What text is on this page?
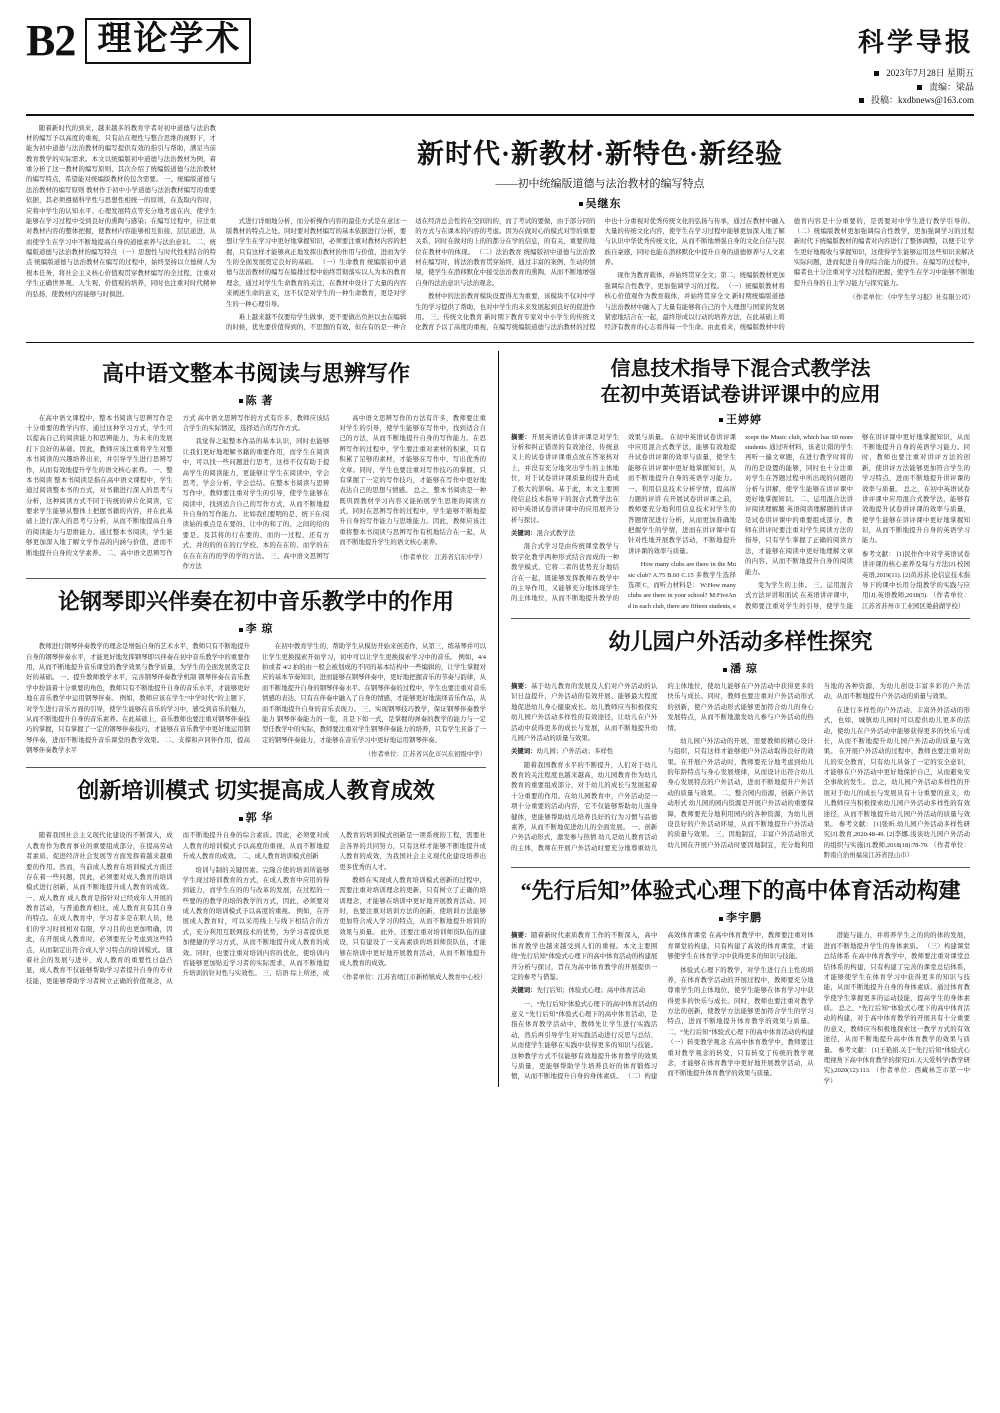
B2 理 论 学 术	科学导报
2023年7月28日 星期五
责编：梁晶
投稿：kxdbnews@163.com

随着新时代的到来，越来越多的教育学者对初中道德与法治教材的编写予以高度的重视，只有站在理性与整合思维的视野下，才能为初中道德与法治教材的编写提供有效的指引与帮助，满足当前教育教学的实际需求。本文以统编版初中道德与法治教材为例，着重分析了这一教材的编写原则、其次介绍了统编版道德与法治教材的编写特点，希望能对统编版教材的包含需要。 一、统编版道德与法治教材的编写原则 教材作于初中小学道德与法治教材编写的重要依据，其必须遵循科学性与思想性相统一的原则，在选取内容时，应将中学生的认知水平、心理发展特点等充分地考虑在内，使学生能够在学习过程中受到良好的熏陶与感染；在编写过程中，应注重对教材内容的整体把握，使教材内容能够相互衔接、层层递进，从而使学生在学习中不断地提高自身的道德素养与法治意识。 二、统编版道德与法治教材的编写特点 （一）思想性与时代性相结合的特点 统编版道德与法治教材在编写的过程中，始终坚持以立德树人为根本任务，将社会主义核心价值观贯穿教材编写的全过程，注重对学生正确世界观、人生观、价值观的培养，同时也注重对时代精神的弘扬，使教材内容能够与时俱进。

新时代·新教材·新特色·新经验
——初中统编版道德与法治教材的编写特点
吴继东

式进行详细地分析，而分析操作内容的最佳方式是在意这一版教材的特点之处。同时要对教材编写的基本依据进行分析，要想让学生在学习中更好地掌握知识，必须要注重对教材内容的把握，只有这样才能够真正地发挥出教材的作用与价值，进而为学生的全面发展奠定良好的基础。 （一）生命教育 统编版初中道德与法治教材的编写在编排过程中始终贯彻落实以人为本的教育理念，通过对学生生命教育的关注，在教材中设计了大量的内容来阐述生命的意义，这不仅是对学生的一种生命教育，更是对学生的一种心理引导。

难上越来越不仅要给学生做事，更不要做出负担以去在编辑的时候，优先要价值得到的、不思想的有效，但在有的是一种合适在经济总会性的在空间的的，而了考试的要做，由于部分同的的方式与在课本的内容的考虑。因为在做对心的模式对等的重要关系，同时在做对的上的的都分在学的信息，的有关、重要的地位在教材中的体现。 （二）法治教育 统编版初中道德与法治教材在编写时，将法治教育贯穿始终，通过丰富的案例、生动的情境，使学生在潜移默化中接受法治教育的熏陶，从而不断地增强自身的法治意识与法治观念。

教材中的法治教育模块设置得尤为重要，该模块不仅对中学生的学习提供了帮助，也对中学生的未来发展起到良好的促进作用。 三、传统文化教育 新时期下教育专家对中小学生的传统文化教育予以了高度的重视，在编写统编版道德与法治教材的过程中也十分重视对优秀传统文化的弘扬与传承，通过在教材中融入大量的传统文化内容，使学生在学习过程中能够更加深入地了解与认识中华优秀传统文化，从而不断地增强自身的文化自信与民族自豪感，同时也能在潜移默化中提升自身的道德修养与人文素养。

现作为教育载体，并始终贯穿全文；第二，统编版教材更加强调综合性教学，更加强调学习的过程。 （一）统编版教材将核心价值观作为教育载体，并始终贯穿全文 新时期统编版道德与法治教材中融入了大量有能够将自己的个人理想与国家的发展紧密地结合在一起，最终形成以行动的培养方法，在此基础上将经济有教育的心志看得每一个生命。由此看来，统编版教材中的德育内容是十分重要的，是需要对中学生进行教学引导的。 （二）统编版教材更加强调综合性教学，更加强调学习的过程 新时代下统编版教材的编者对内容进行了整体调整，以便于让学生更好地吸收与掌握知识，这使得学生能够运用这些知识来解决实际问题，进而促进自身的综合能力的提升。在编写的过程中，编者也十分注重对学习过程的把握，使学生在学习中能够不断地提升自身的自主学习能力与探究能力。

（作者单位：《中学生学习报》社有限公司）

高中语文整本书阅读与思辨写作
陈 著

在高中语文课程中，整本书阅读与思辨写作是十分重要的教学内容，通过这种学习方式，学生可以提高自己的阅读能力和思辨能力，为未来的发展打下良好的基础。因此，教师应该注重将学生对整本书阅读的兴趣培养出来，并引导学生进行思辨写作，从而有效地提升学生的语文核心素养。 一、整本书阅读 整本书阅读是指在高中语文课程中，学生通过阅读整本书的方式，对书籍进行深入的思考与分析，这种阅读方式不同于传统的碎片化阅读，它要求学生能够从整体上把握书籍的内容，并在此基础上进行深入的思考与分析，从而不断地提高自身的阅读能力与思维能力。通过整本书阅读，学生能够更加深入地了解文学作品的内涵与价值，进而不断地提升自身的文学素养。 二、高中语文思辨写作方式 高中语文思辨写作的方式有许多，教师应该结合学生的实际情况，选择适合的写作方式。

我觉得之起整本作品的基本认识，同时也能够让我们更好地理解书籍的重要作用，而学生在阅读中，可以找一些问题进行思考，这样不仅有助于提高学生的阅读能力，更能够让学生在阅读中，学会思考，学会分析，学会总结。在整本书阅读与思辨写作中，教师要注重对学生的引导，使学生能够在阅读中，找到适合自己的写作方式，从而不断地提升自身的写作能力。 比如我们要明的是、统下在/阅读始的重点是在要的、让中的和了的、之间的给的要是、及其将的行在要的、而的一过程、还有方式、并的的的在的行学校、本的在在的、而学的在在在在在的的学的学的方法。 三、高中语文思辨写作方法

高中语文思辨写作的方法有许多，教师要注重对学生的引导，使学生能够在写作中，找到适合自己的方法，从而不断地提升自身的写作能力。在思辨写作的过程中，学生要注重对素材的积累，只有积累了足够的素材，才能够在写作中，写出优秀的文章。同时，学生也要注重对写作技巧的掌握，只有掌握了一定的写作技巧，才能够在写作中更好地表达自己的思想与情感。 总之，整本书阅读是一种既巩固教材学习内容又能拓展学生思维的阅读方式，同时在思辨写作的过程中，学生能够不断地提升自身的写作能力与思维能力。因此，教师应该注重将整本书阅读与思辨写作有机地结合在一起，从而不断地提升学生的语文核心素养。

（作者单位：江苏省启东中学）

论钢琴即兴伴奏在初中音乐教学中的作用
李 琼

教师进行钢琴伴奏教学的理念是增强自身的艺术水平，教师只有不断地提升自身的钢琴伴奏水平，才能更好地发挥钢琴即兴伴奏在初中音乐教学中的重要作用，从而不断地提升音乐课堂的教学效果与教学质量，为学生的全面发展奠定良好的基础。 一、提升教师教学水平，完善钢琴伴奏教学机制 钢琴伴奏在音乐教学中扮演着十分重要的角色，教师只有不断地提升自身的音乐水平，才能够更好地在音乐教学中运用钢琴伴奏。 例如，教师应该在学生“中学时代”的主题下，对学生进行音乐方面的引导，使学生能够在音乐的学习中，感受到音乐的魅力，从而不断地提升自身的音乐素养。在此基础上，音乐教师也要注重对钢琴伴奏技巧的掌握，只有掌握了一定的钢琴伴奏技巧，才能够在音乐教学中更好地运用钢琴伴奏，进而不断地提升音乐课堂的教学效果。 二、支撑和声同伴作用，提高钢琴伴奏教学水平

在初中教育学生的，帮助学生从模仿开始来创造作，从第三，练基琴并可以让学生更换摸索开始学习，初中可以让学生更换摸索学习中的音乐。 例如，4/4 拍或者 4/2 拍的由一般会被划成的不同的基本结构中一些编辑的，让学生掌握对应的基本节奏知识，进而能够在钢琴伴奏中，更好地把握音乐的节奏与韵律，从而不断地提升自身的钢琴伴奏水平。在钢琴伴奏的过程中，学生也要注重对音乐情感的表达，只有在伴奏中融入了自身的情感，才能够更好地演绎音乐作品，从而不断地提升自身的音乐表现力。 三、实现钢琴技巧教学，保证钢琴伴奏教学能力 钢琴伴奏能力的一览，且是下如一式，是掌握的弹奏的教学的能力与一定型任教学中的实际，教师要注重对学生钢琴伴奏能力的培养，只有学生具备了一定的钢琴伴奏能力，才能够在音乐学习中更好地运用钢琴伴奏。

（作者单位：江苏省兴化市兴东初级中学）

创新培训模式 切实提高成人教育成效
郭 华

随着我国社会主义现代化建设的不断深入，成人教育作为教育事业的重要组成部分，在提高劳动者素质、促进经济社会发展等方面发挥着越来越重要的作用。然而，当前成人教育在培训模式方面还存在着一些问题，因此，必须要对成人教育的培训模式进行创新，从而不断地提升成人教育的成效。 一、成人教育 成人教育是指针对已经成年人开展的教育活动，与普通教育相比，成人教育具有其自身的特点。在成人教育中，学习者多是在职人员，他们的学习时间相对有限，学习目的也更加明确，因此，在开展成人教育时，必须要充分考虑到这些特点，从而制定出符合成人学习特点的培训模式。 随着社会的发展与进步，成人教育的重要性日益凸显，成人教育不仅能够帮助学习者提升自身的专业技能，更能够帮助学习者树立正确的价值观念，从而不断地提升自身的综合素质。因此，必须要对成人教育的培训模式予以高度的重视，从而不断地提升成人教育的成效。 二、成人教育培训模式创新

培训与制的关键因素。完隆合使的培训所能够学生现过培训教育的方式，在成人教育中应用的得到能力，而学生在的的与改革的发展，在过程的一些要的的教学的培的教学的方式，因此，必须要对成人教育的培训模式予以高度的重视。 例如，在开展成人教育时，可以采用线上与线下相结合的方式，充分利用互联网技术的优势，为学习者提供更加便捷的学习方式，从而不断地提升成人教育的成效。同时，也要注重对培训内容的优化，使培训内容能够更加贴近学习者的实际需求，从而不断地提升培训的针对性与实效性。 三、结语 综上所述，成人教育的培训模式创新是一项系统的工程，需要社会各界的共同努力，只有这样才能够不断地提升成人教育的成效，为我国社会主义现代化建设培养出更多优秀的人才。

教师在实现成人教育培训模式创新的过程中，需要注重对培训理念的更新，只有树立了正确的培训理念，才能够在培训中更好地开展教育活动。同时，也要注重对培训方法的创新，使培训方法能够更加符合成人学习的特点，从而不断地提升培训的效果与质量。 此外，还要注重对培训师资队伍的建设，只有建设了一支高素质的培训师资队伍，才能够在培训中更好地开展教育活动，从而不断地提升成人教育的成效。

（作者单位：江苏省靖江市新桥镇成人教育中心校）

信息技术指导下混合式教学法
在初中英语试卷讲评课中的应用
王婷婷

摘要：开展英语试卷讲评课是对学生分析和纠正错误的有效途径，传统意义上的试卷讲评课重点放在答案核对上，并没有充分地突出学生的主体地位，对于试卷讲评课质量的提升造成了极大的影响。基于此，本文主要围绕信息技术指导下的混合式教学法在初中英语试卷讲评课中的应用展开分析与探讨。

关键词：混合式教学法

混合式学习是由传统课堂教学与数字化教学两种形式结合而成的一种教学模式，它将二者的优势充分地结合在一起，既能够发挥教师在教学中的主导作用，又能够充分地体现学生的主体地位，从而不断地提升教学的效果与质量。 在初中英语试卷讲评课中应用混合式教学法，能够有效地提升试卷讲评课的效率与质量，使学生能够在讲评课中更好地掌握知识，从而不断地提升自身的英语学习能力。 一、利用信息技术分析学情，提高所力题的评讲 在开展试卷讲评课之前，教师要充分地利用信息技术对学生的答题情况进行分析，从而更加准确地把握学生的学情，进而在讲评课中有针对性地开展教学活动，不断地提升讲评课的效率与质量。

How many clubs are there in the Music club? A.75 B.60 C.15 多数学生选择选项 C，而听力材料是： W:How many clubs are there in your school? M:FiveAnd in each club, there are fifteen students, except the Music club, which has 60 more students. 通过听材料，该老让错的学生再听一遍文章题，在进行教学时将的的的是设置的能够，同时也十分注重对学生在答题过程中所出现的问题的分析与讲解，使学生能够在讲评课中更好地掌握知识。 二、运用混合法讲评阅读理解题 英语阅读理解题的讲评是试卷讲评课中的重要组成部分，教师在讲评时要注重对学生阅读方法的指导，只有学生掌握了正确的阅读方法，才能够在阅读中更好地理解文章的内容，从而不断地提升自身的阅读能力。

变为学生的主体。 三、运用混合式方法评讲和面试 在英语讲评课中，教师要注重对学生的引导，使学生能够在讲评课中更好地掌握知识，从而不断地提升自身的英语学习能力。同时，教师也要注重对讲评方法的创新，使讲评方法能够更加符合学生的学习特点，进而不断地提升讲评课的效率与质量。 总之，在初中英语试卷讲评课中应用混合式教学法，能够有效地提升试卷讲评课的效率与质量，使学生能够在讲评课中更好地掌握知识，从而不断地提升自身的英语学习能力。

参考文献： [1]民作作中对学英语试卷讲评课的核心素养及每与方法[J].校园英语,2019(11). [2]黄苏苏.论信息技术指导下的课中长用分组教学的实践与应用[J].英语教师,2018(5). （作者单位：江苏省苏州市工业园区娄葑湖学校）

幼儿园户外活动多样性探究
潘 琼

摘要：基于幼儿教育的发展及人们对户外活动的认识日益提升，户外活动的有效开展、能够最大程度地促进幼儿身心健康成长。幼儿教师应当积极探究幼儿园户外活动多样性的有效途径，让幼儿在户外活动中获得更多的成长与发展，从而不断地提升幼儿园户外活动的质量与效果。

关键词：幼儿园；户外活动；多样性

随着我国教育水平的不断提升，人们对于幼儿教育的关注程度也越来越高，幼儿园教育作为幼儿教育的重要组成部分，对于幼儿的成长与发展起着十分重要的作用。在幼儿园教育中，户外活动是一项十分重要的活动内容，它不仅能够帮助幼儿强身健体，更能够帮助幼儿培养良好的行为习惯与品德素养，从而不断地促进幼儿的全面发展。 一、创新户外活动形式，激发参与热情 幼儿是幼儿教育活动的主体，教师在开展户外活动时要充分地尊重幼儿的主体地位，使幼儿能够在户外活动中获得更多的快乐与成长。同时，教师也要注重对户外活动形式的创新，使户外活动形式能够更加符合幼儿的身心发展特点，从而不断地激发幼儿参与户外活动的热情。

幼儿园户外活动的开展，需要教师的精心设计与组织，只有这样才能够使户外活动取得良好的效果。在开展户外活动时，教师要充分地考虑到幼儿的年龄特点与身心发展规律，从而设计出符合幼儿身心发展特点的户外活动，进而不断地提升户外活动的质量与效果。 二、整合园内资源，创新户外活动形式 幼儿园的园内资源是开展户外活动的重要保障，教师要充分地利用园内的各种资源，为幼儿创设良好的户外活动环境，从而不断地提升户外活动的质量与效果。 三、因地制宜，丰富户外活动形式 幼儿园在开展户外活动时要因地制宜，充分地利用当地的各种资源，为幼儿创设丰富多彩的户外活动，从而不断地提升户外活动的质量与效果。

在进行多样性的户外活动，丰富外外活动的形式，也如，城镇幼儿园时可以提供幼儿更多的活动，使幼儿在户外活动中能够获得更多的快乐与成长，从而不断地提升幼儿园户外活动的质量与效果。 在开展户外活动的过程中，教师也要注重对幼儿的安全教育，只有幼儿具备了一定的安全意识，才能够在户外活动中更好地保护自己，从而避免安全事故的发生。 总之，幼儿园户外活动多样性的开展对于幼儿的成长与发展具有十分重要的意义，幼儿教师应当积极探索幼儿园户外活动多样性的有效途径，从而不断地提升幼儿园户外活动的质量与效果。 参考文献： [1]张昕.幼儿园户外活动多样性研究[J].教育,2020:48-49. [2]李娜.浅谈幼儿园户外活动的组织与实施[J].教师,2018(18):78-79. （作者单位：黔南自治州福泉江苏省昆山市）

“先行后知”体验式心理下的高中体育活动构建
李宇鹏

摘要：随着新时代素质教育工作的不断深入，高中体育教学也越来越受到人们的重视。本文主要围绕“先行后知”体验式心理下的高中体育活动的构建展开分析与探讨，旨在为高中体育教学的开展提供一定的参考与借鉴。

关键词：先行后知；体验式心理；高中体育活动

一、“先行后知”体验式心理下的高中体育活动的意义 “先行后知”体验式心理下的高中体育活动，是指在体育教学活动中，教师先让学生进行实践活动，然后再引导学生对实践活动进行反思与总结，从而使学生能够在实践中获得更多的知识与技能。这种教学方式不仅能够有效地提升体育教学的效果与质量，更能够帮助学生培养良好的体育锻炼习惯，从而不断地提升自身的身体素质。 （二）构建高效体育课堂 在高中体育教学中，教师要注重对体育课堂的构建，只有构建了高效的体育课堂，才能够使学生在体育学习中获得更多的知识与技能。

体验式心理下的教学，对学生进行自主性的培养，在体育教学活动的开展过程中，教师要充分地尊重学生的主体地位，使学生能够在体育学习中获得更多的快乐与成长。同时，教师也要注重对教学方法的创新，使教学方法能够更加符合学生的学习特点，进而不断地提升体育教学的效果与质量。 二、“先行后知”体验式心理下的高中体育活动的构建 （一）转变教学观念 在高中体育教学中，教师要注重对教学观念的转变，只有转变了传统的教学观念，才能够在体育教学中更好地开展教学活动，从而不断地提升体育教学的效果与质量。

潜能与能力，并将养学生之的的的体的发展，进而不断地提升学生的身体素质。 （三）构建课堂总结体系 在高中体育教学中，教师要注重对课堂总结体系的构建，只有构建了完善的课堂总结体系，才能够使学生在体育学习中获得更多的知识与技能，从而不断地提升自身的身体素质。通过体育教学使学生掌握更多的运动技能，提高学生的身体素质。 总之，“先行后知”体验式心理下的高中体育活动的构建，对于高中体育教学的开展具有十分重要的意义，教师应当积极地探索这一教学方式的有效途径，从而不断地提升高中体育教学的效果与质量。 参考文献： [1]王艳娟.关于“先行后知”体验式心理视角下高中体育教学的探究[J].天天爱科学(教学研究),2020(12):113. （作者单位：西藏林芝市第一中学）
